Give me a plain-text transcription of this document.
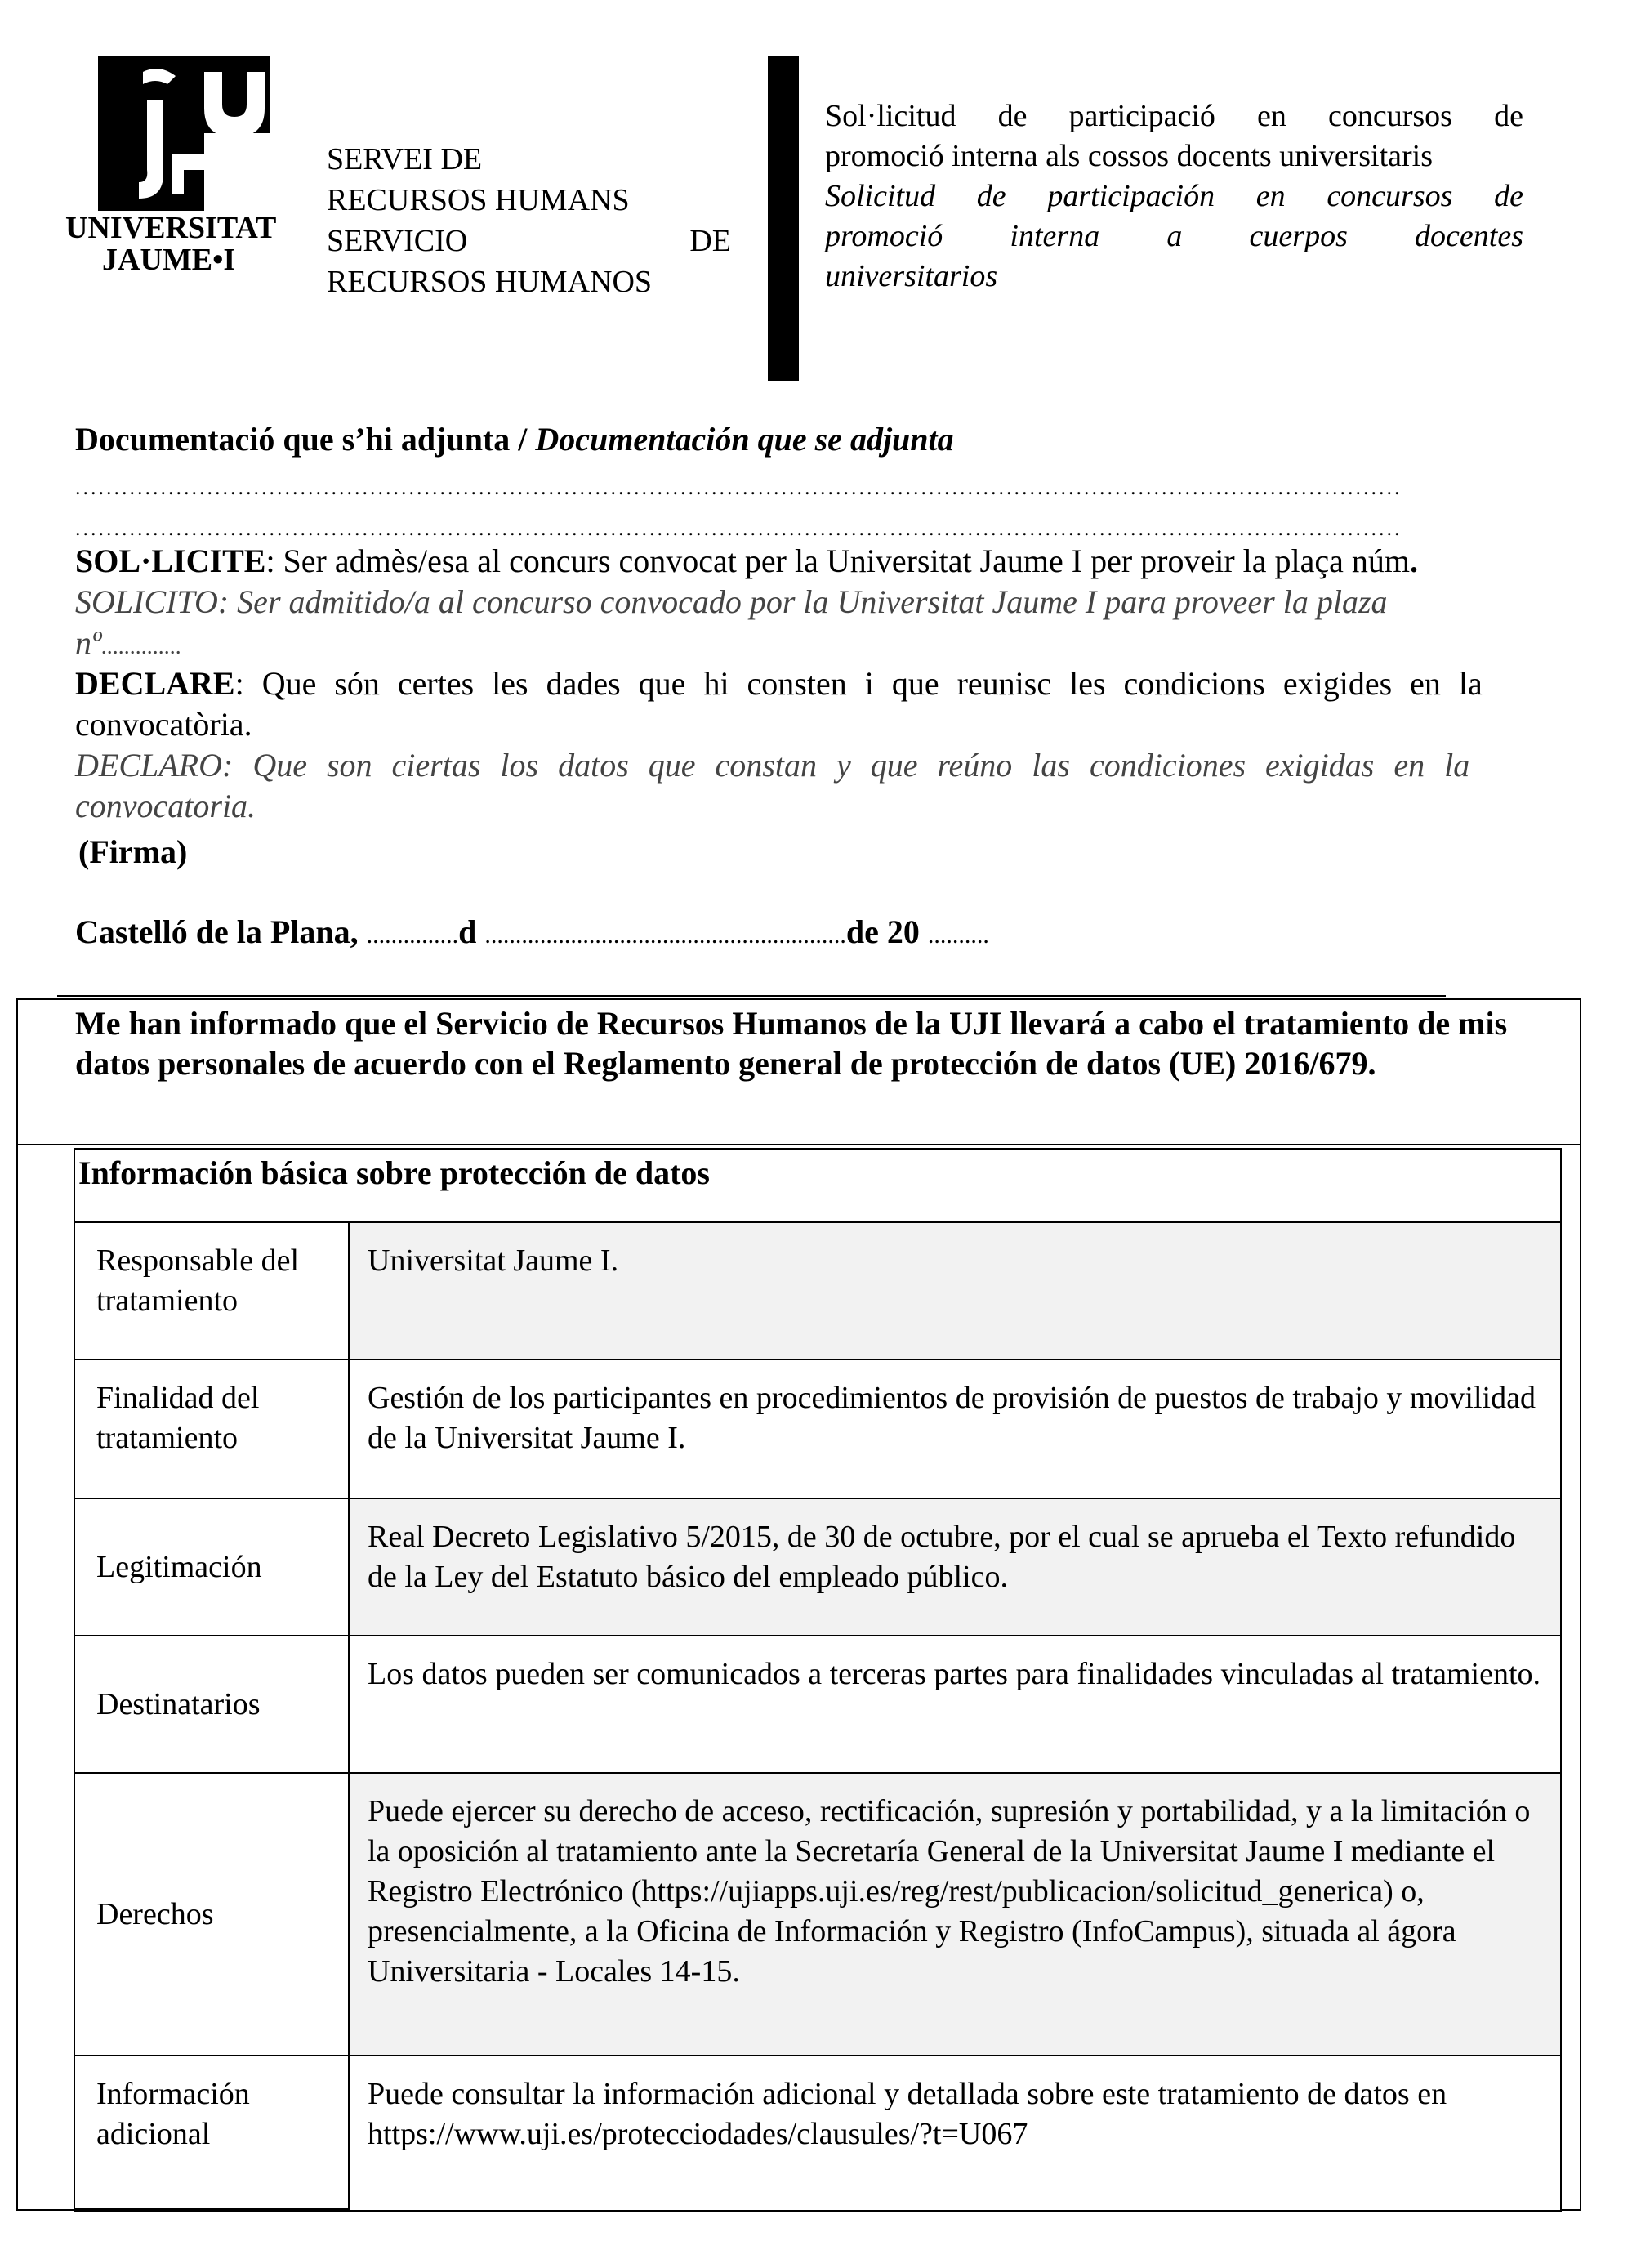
UNIVERSITAT
JAUME•I
SERVEI DE
RECURSOS HUMANS
SERVICIO	DE
RECURSOS HUMANOS
Sol·licitud de participació en concursos de
promoció interna als cossos docents universitaris
Solicitud de participación en concursos de
promoció interna a cuerpos docentes
universitarios
Documentació que s’hi adjunta / Documentación que se adjunta
...........................................................................................................................................................................
...........................................................................................................................................................................
SOL·LICITE: Ser admès/esa al concurs convocat per la Universitat Jaume I per proveir la plaça núm.
SOLICITO: Ser admitido/a al concurso convocado por la Universitat Jaume I para proveer la plaza
nº..............
DECLARE: Que són certes les dades que hi consten i que reunisc les condicions exigides en la
convocatòria.
DECLARO: Que son ciertas los datos que constan y que reúno las condiciones exigidas en la
convocatoria.
(Firma)
Castelló de la Plana, ...............d ...........................................................de 20 ..........
Me han informado que el Servicio de Recursos Humanos de la UJI llevará a cabo el tratamiento de mis datos personales de acuerdo con el Reglamento general de protección de datos (UE) 2016/679.
Información básica sobre protección de datos
Responsable del tratamiento	Universitat Jaume I.
Finalidad del tratamiento	Gestión de los participantes en procedimientos de provisión de puestos de trabajo y movilidad de la Universitat Jaume I.
Legitimación	Real Decreto Legislativo 5/2015, de 30 de octubre, por el cual se aprueba el Texto refundido de la Ley del Estatuto básico del empleado público.
Destinatarios	Los datos pueden ser comunicados a terceras partes para finalidades vinculadas al tratamiento.
Derechos	Puede ejercer su derecho de acceso, rectificación, supresión y portabilidad, y a la limitación o la oposición al tratamiento ante la Secretaría General de la Universitat Jaume I mediante el Registro Electrónico (https://ujiapps.uji.es/reg/rest/publicacion/solicitud_generica) o, presencialmente, a la Oficina de Información y Registro (InfoCampus), situada al ágora Universitaria - Locales 14-15.
Información adicional	Puede consultar la información adicional y detallada sobre este tratamiento de datos en https://www.uji.es/protecciodades/clausules/?t=U067
